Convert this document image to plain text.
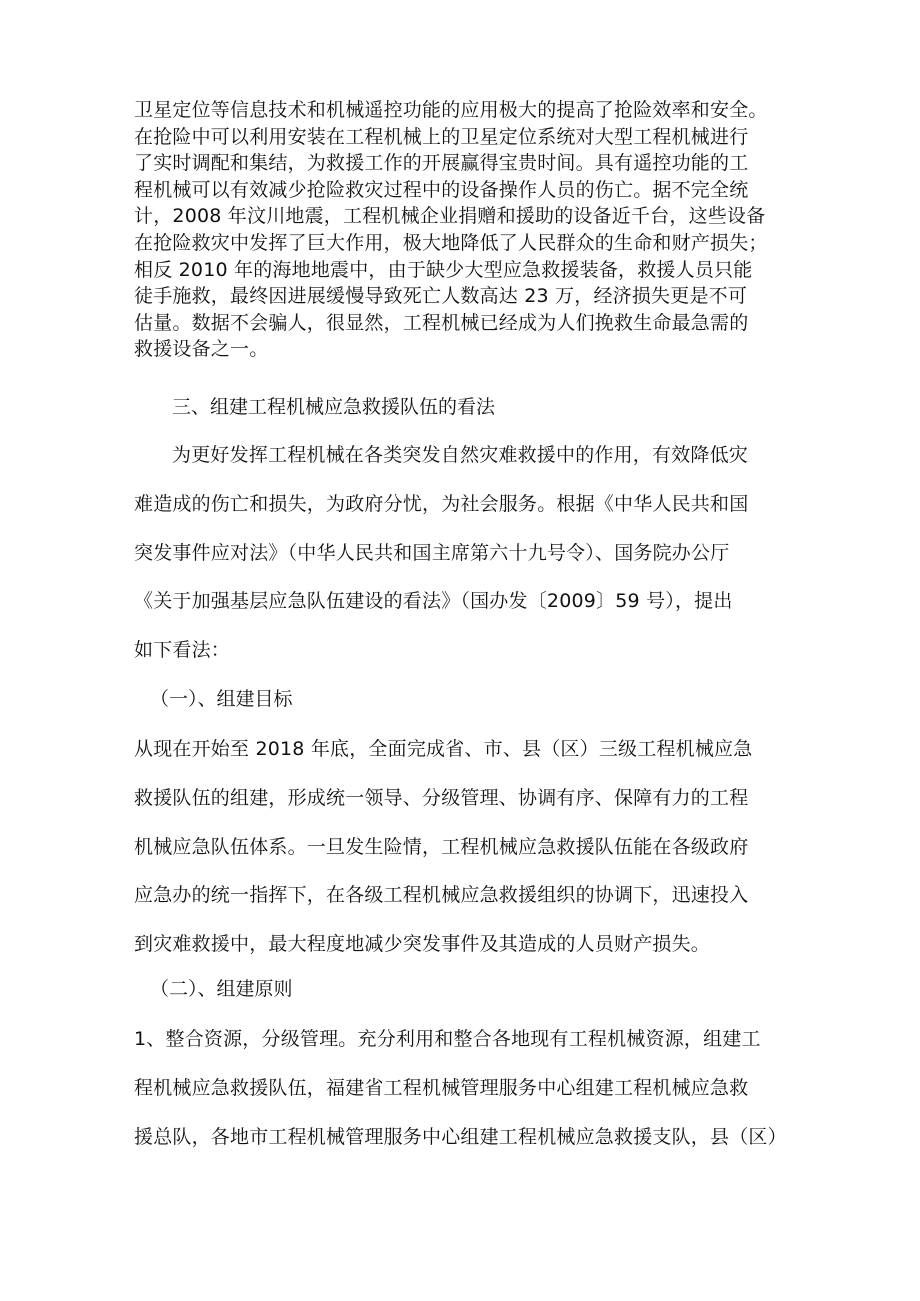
卫星定位等信息技术和机械遥控功能的应用极大的提高了抢险效率和安全。
在抢险中可以利用安装在工程机械上的卫星定位系统对大型工程机械进行
了实时调配和集结，为救援工作的开展赢得宝贵时间。具有遥控功能的工
程机械可以有效减少抢险救灾过程中的设备操作人员的伤亡。据不完全统
计，2008 年汶川地震，工程机械企业捐赠和援助的设备近千台，这些设备
在抢险救灾中发挥了巨大作用，极大地降低了人民群众的生命和财产损失；
相反 2010 年的海地地震中，由于缺少大型应急救援装备，救援人员只能
徒手施救，最终因进展缓慢导致死亡人数高达 23 万，经济损失更是不可
估量。数据不会骗人，很显然，工程机械已经成为人们挽救生命最急需的
救援设备之一。
三、组建工程机械应急救援队伍的看法
为更好发挥工程机械在各类突发自然灾难救援中的作用，有效降低灾
难造成的伤亡和损失，为政府分忧，为社会服务。根据《中华人民共和国
突发事件应对法》（中华人民共和国主席第六十九号令）、国务院办公厅
《关于加强基层应急队伍建设的看法》（国办发〔2009〕59 号），提出
如下看法：
（一）、组建目标
从现在开始至 2018 年底，全面完成省、市、县（区）三级工程机械应急
救援队伍的组建，形成统一领导、分级管理、协调有序、保障有力的工程
机械应急队伍体系。一旦发生险情，工程机械应急救援队伍能在各级政府
应急办的统一指挥下，在各级工程机械应急救援组织的协调下，迅速投入
到灾难救援中，最大程度地减少突发事件及其造成的人员财产损失。
（二）、组建原则
1、整合资源，分级管理。充分利用和整合各地现有工程机械资源，组建工
程机械应急救援队伍，福建省工程机械管理服务中心组建工程机械应急救
援总队，各地市工程机械管理服务中心组建工程机械应急救援支队，县（区）
